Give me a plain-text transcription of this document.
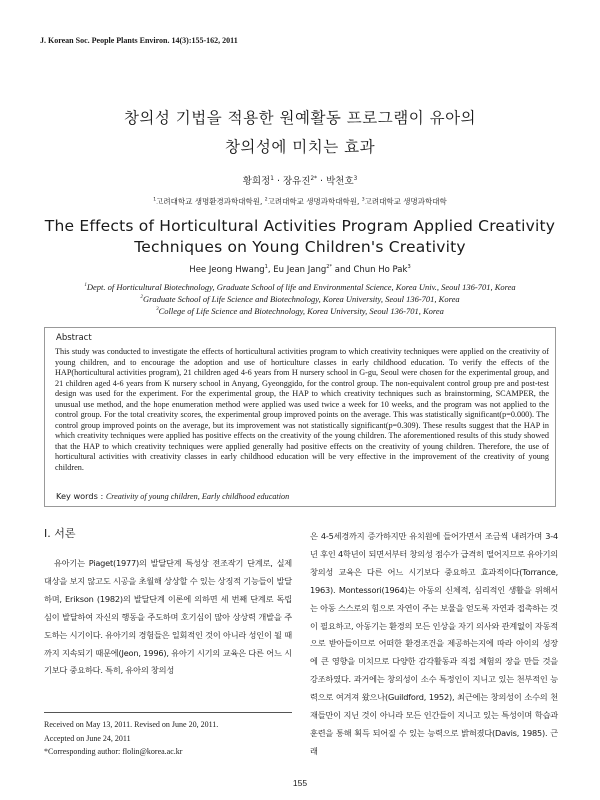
J. Korean Soc. People Plants Environ. 14(3):155-162, 2011
창의성 기법을 적용한 원예활동 프로그램이 유아의
창의성에 미치는 효과
황희정$^1$ · 장유진$^{2*}$ · 박천호$^3$
$^1$고려대학교 생명환경과학대학원, $^2$고려대학교 생명과학대학원, $^3$고려대학교 생명과학대학
The Effects of Horticultural Activities Program Applied Creativity
Techniques on Young Children's Creativity
Hee Jeong Hwang$^1$, Eu Jean Jang$^{2*}$ and Chun Ho Pak$^3$
$^1$Dept. of Horticultural Biotechnology, Graduate School of life and Environmental Science, Korea Univ., Seoul 136-701, Korea
$^2$Graduate School of Life Science and Biotechnology, Korea University, Seoul 136-701, Korea
$^3$College of Life Science and Biotechnology, Korea University, Seoul 136-701, Korea
Abstract
This study was conducted to investigate the effects of horticultural activities program to which creativity techniques were applied on the creativity of young children, and to encourage the adoption and use of horticulture classes in early childhood education. To verify the effects of the HAP(horticultural activities program), 21 children aged 4-6 years from H nursery school in G-gu, Seoul were chosen for the experimental group, and 21 children aged 4-6 years from K nursery school in Anyang, Gyeonggido, for the control group. The non-equivalent control group pre and post-test design was used for the experiment. For the experimental group, the HAP to which creativity techniques such as brainstorming, SCAMPER, the unusual use method, and the hope enumeration method were applied was used twice a week for 10 weeks, and the program was not applied to the control group. For the total creativity scores, the experimental group improved points on the average. This was statistically significant(p=0.000). The control group improved points on the average, but its improvement was not statistically significant(p=0.309). These results suggest that the HAP in which creativity techniques were applied has positive effects on the creativity of the young children. The aforementioned results of this study showed that the HAP to which creativity techniques were applied generally had positive effects on the creativity of young children. Therefore, the use of horticultural activities with creativity classes in early childhood education will be very effective in the improvement of the creativity of young children.
Key words : Creativity of young children, Early childhood education
Ⅰ. 서론

유아기는 Piaget(1977)의 발달단계 특성상 전조작기 단계로, 실제 대상을 보지 않고도 시공을 초월해 상상할 수 있는 상징적 기능들이 발달하며, Erikson (1982)의 발달단계 이론에 의하면 세 번째 단계로 독립심이 발달하여 자신의 행동을 주도하며 호기심이 많아 상상력 개발을 주도하는 시기이다. 유아기의 경험들은 일회적인 것이 아니라 성인이 될 때까지 지속되기 때문에(Jeon, 1996), 유아기 시기의 교육은 다른 어느 시기보다 중요하다. 특히, 유아의 창의성

은 4-5세경까지 증가하지만 유치원에 들어가면서 조금씩 내려가며 3-4년 후인 4학년이 되면서부터 창의성 점수가 급격히 떨어지므로 유아기의 창의성 교육은 다른 어느 시기보다 중요하고 효과적이다(Torrance, 1963). Montessori(1964)는 아동의 신체적, 심리적인 생활을 위해서는 아동 스스로의 힘으로 자연이 주는 보물을 얻도록 자연과 접촉하는 것이 필요하고, 아동기는 환경의 모든 인상을 자기 의사와 관계없이 자동적으로 받아들이므로 어떠한 환경조건을 제공하는지에 따라 아이의 성장에 큰 영향을 미치므로 다양한 감각활동과 직접 체험의 장을 만들 것을 강조하였다. 과거에는 창의성이 소수 특정인이 지니고 있는 천부적인 능력으로 여겨져 왔으나(Guildford, 1952), 최근에는 창의성이 소수의 천재들만이 지닌 것이 아니라 모든 인간들이 지니고 있는 특성이며 학습과 훈련을 통해 획득 되어질 수 있는 능력으로 밝혀졌다(Davis, 1985). 근래

Received on May 13, 2011. Revised on June 20, 2011.
Accepted on June 24, 2011
*Corresponding author: flolin@korea.ac.kr
155
